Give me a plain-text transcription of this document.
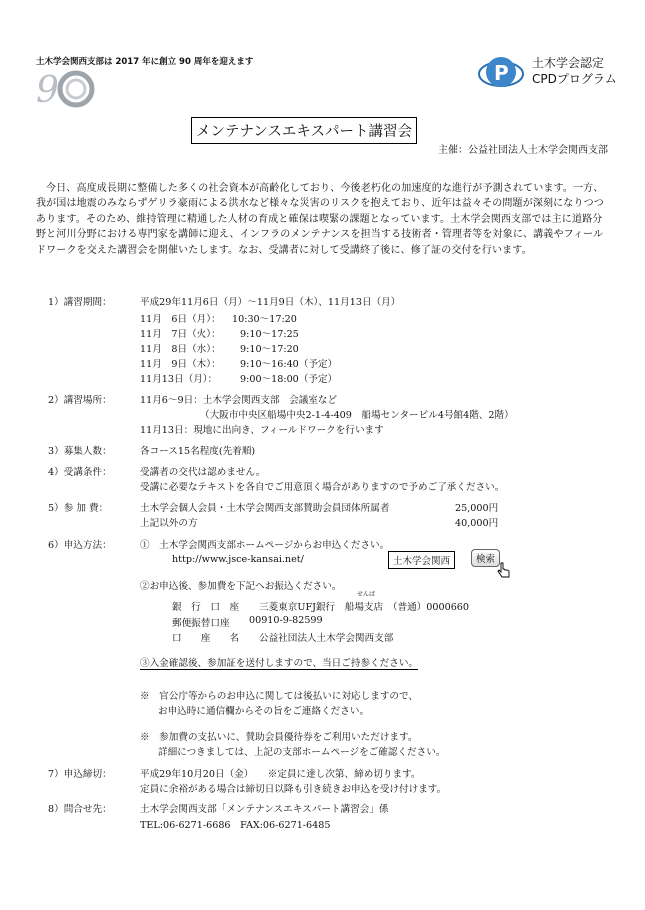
土木学会関西支部は 2017 年に創立 90 周年を迎えます
9	P 土木学会認定
CPDプログラム
メンテナンスエキスパート講習会
主催：公益社団法人土木学会関西支部
今日、高度成長期に整備した多くの社会資本が高齢化しており、今後老朽化の加速度的な進行が予測されています。一方、我が国は地震のみならずゲリラ豪雨による洪水など様々な災害のリスクを抱えており、近年は益々その問題が深刻になりつつあります。そのため、維持管理に精通した人材の育成と確保は喫緊の課題となっています。土木学会関西支部では主に道路分野と河川分野における専門家を講師に迎え、インフラのメンテナンスを担当する技術者・管理者等を対象に、講義やフィールドワークを交えた講習会を開催いたします。なお、受講者に対して受講終了後に、修了証の交付を行います。
1）講習期間：	平成29年11月6日（月）～11月9日（木）、11月13日（月）
11月　6日（月）： 10:30～17:20
11月　7日（火）： 9:10～17:25
11月　8日（水）： 9:10～17:20
11月　9日（木）： 9:10～16:40（予定）
11月13日（月）： 9:00～18:00（予定）
2）講習場所：	11月6～9日：土木学会関西支部　会議室など
（大阪市中央区船場中央2-1-4-409　船場センタービル4号館4階、2階）
11月13日：現地に出向き、フィールドワークを行います
3）募集人数：	各コース15名程度(先着順)
4）受講条件：	受講者の交代は認めません。
受講に必要なテキストを各自でご用意頂く場合がありますので予めご了承ください。
5）参 加 費：	土木学会個人会員・土木学会関西支部賛助会員団体所属者	25,000円
上記以外の方	40,000円
6）申込方法：	①　土木学会関西支部ホームページからお申込ください。
http://www.jsce-kansai.net/	土木学会関西	検索
②お申込後、参加費を下記へお振込ください。
せんば
銀　行　口　座 三菱東京UFJ銀行　船場支店　（普通）0000660
郵便振替口座 00910-9-82599
口　　座　　名 公益社団法人土木学会関西支部
③入金確認後、参加証を送付しますので、当日ご持参ください。
※　官公庁等からのお申込に関しては後払いに対応しますので、
お申込時に通信欄からその旨をご連絡ください。
※　参加費の支払いに、賛助会員優待券をご利用いただけます。
詳細につきましては、上記の支部ホームページをご確認ください。
7）申込締切：	平成29年10月20日（金）　　※定員に達し次第、締め切ります。
定員に余裕がある場合は締切日以降も引き続きお申込を受け付けます。
8）問合せ先：	土木学会関西支部「メンテナンスエキスパート講習会」係
TEL:06-6271-6686　FAX:06-6271-6485
